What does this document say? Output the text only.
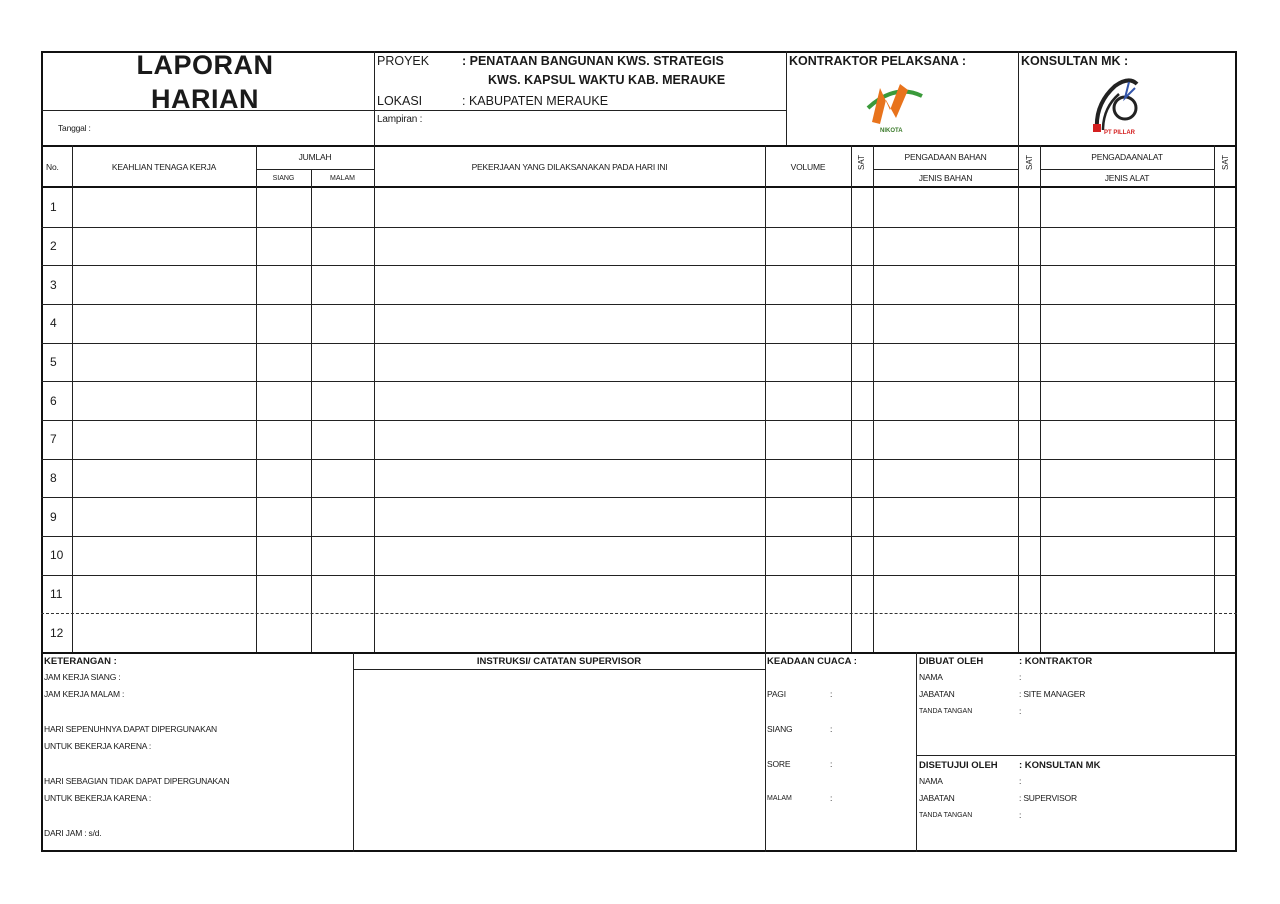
LAPORAN
HARIAN
Tanggal :
PROYEK	: PENATAAN BANGUNAN KWS. STRATEGIS
KWS. KAPSUL WAKTU KAB. MERAUKE
LOKASI	: KABUPATEN MERAUKE
Lampiran :
KONTRAKTOR PELAKSANA :	KONSULTAN MK :
NIKOTA	PT PILLAR
No.	KEAHLIAN TENAGA KERJA
JUMLAH
SIANG	MALAM
PEKERJAAN YANG DILAKSANAKAN PADA HARI INI	VOLUME	SAT	PENGADAAN BAHAN
JENIS BAHAN
SAT	PENGADAANALAT
JENIS ALAT
SAT
1
2
3
4
5
6
7
8
9
10
11
12
KETERANGAN :
JAM KERJA SIANG :
JAM KERJA MALAM :
HARI SEPENUHNYA DAPAT DIPERGUNAKAN
UNTUK BEKERJA KARENA :
HARI SEBAGIAN TIDAK DAPAT DIPERGUNAKAN
UNTUK BEKERJA KARENA :
DARI JAM : s/d.
INSTRUKSI/ CATATAN SUPERVISOR	KEADAAN CUACA :
PAGI	:
SIANG	:
SORE	:
MALAM	:
DIBUAT OLEH	: KONTRAKTOR
NAMA	:
JABATAN	: SITE MANAGER
TANDA TANGAN	:
DISETUJUI OLEH : KONSULTAN MK
NAMA	:
JABATAN	: SUPERVISOR
TANDA TANGAN	:
